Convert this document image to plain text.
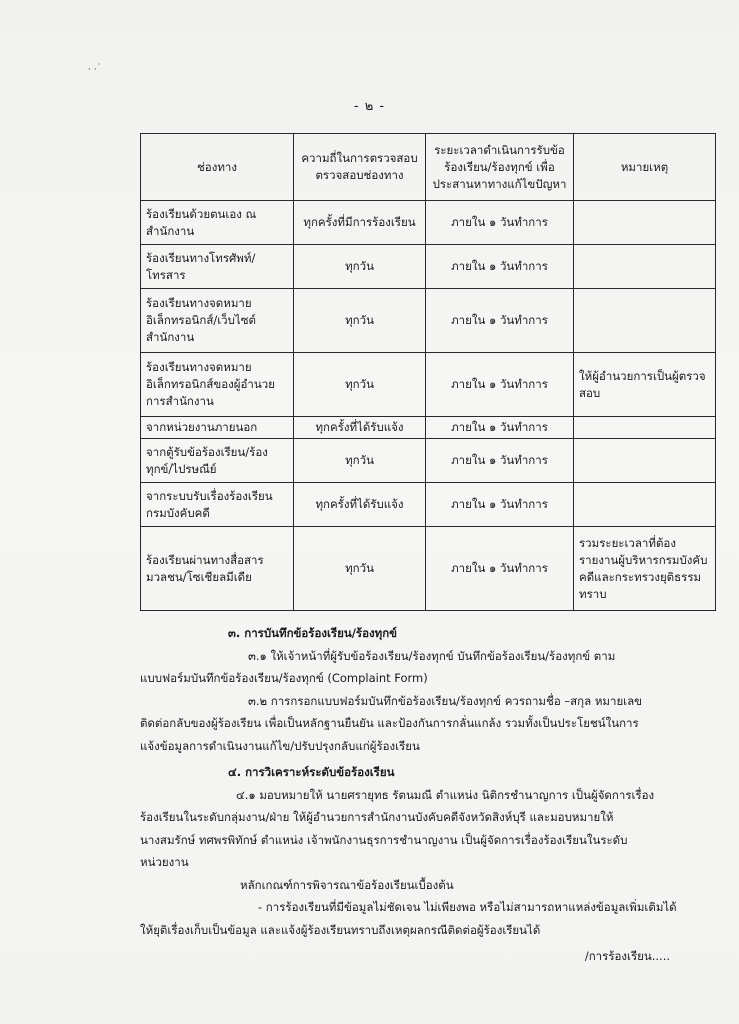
⸳ ⸳˙
- ๒ -
ช่องทาง	ความถี่ในการตรวจสอบตรวจสอบช่องทาง	ระยะเวลาดำเนินการรับข้อร้องเรียน/ร้องทุกข์ เพื่อประสานหาทางแก้ไขปัญหา	หมายเหตุ
ร้องเรียนด้วยตนเอง ณ สำนักงาน	ทุกครั้งที่มีการร้องเรียน	ภายใน ๑ วันทำการ	
ร้องเรียนทางโทรศัพท์/โทรสาร	ทุกวัน	ภายใน ๑ วันทำการ	
ร้องเรียนทางจดหมายอิเล็กทรอนิกส์/เว็บไซต์สำนักงาน	ทุกวัน	ภายใน ๑ วันทำการ	
ร้องเรียนทางจดหมายอิเล็กทรอนิกส์ของผู้อำนวยการสำนักงาน	ทุกวัน	ภายใน ๑ วันทำการ	ให้ผู้อำนวยการเป็นผู้ตรวจสอบ
จากหน่วยงานภายนอก	ทุกครั้งที่ได้รับแจ้ง	ภายใน ๑ วันทำการ	
จากตู้รับข้อร้องเรียน/ร้องทุกข์/ไปรษณีย์	ทุกวัน	ภายใน ๑ วันทำการ	
จากระบบรับเรื่องร้องเรียนกรมบังคับคดี	ทุกครั้งที่ได้รับแจ้ง	ภายใน ๑ วันทำการ	
ร้องเรียนผ่านทางสื่อสารมวลชน/โซเชียลมีเดีย	ทุกวัน	ภายใน ๑ วันทำการ	รวมระยะเวลาที่ต้องรายงานผู้บริหารกรมบังคับคดีและกระทรวงยุติธรรมทราบ

๓. การบันทึกข้อร้องเรียน/ร้องทุกข์

๓.๑ ให้เจ้าหน้าที่ผู้รับข้อร้องเรียน/ร้องทุกข์ บันทึกข้อร้องเรียน/ร้องทุกข์ ตาม

แบบฟอร์มบันทึกข้อร้องเรียน/ร้องทุกข์ (Complaint Form)

๓.๒ การกรอกแบบฟอร์มบันทึกข้อร้องเรียน/ร้องทุกข์ ควรถามชื่อ –สกุล หมายเลข

ติดต่อกลับของผู้ร้องเรียน เพื่อเป็นหลักฐานยืนยัน และป้องกันการกลั่นแกล้ง รวมทั้งเป็นประโยชน์ในการ

แจ้งข้อมูลการดำเนินงานแก้ไข/ปรับปรุงกลับแก่ผู้ร้องเรียน

๔. การวิเคราะห์ระดับข้อร้องเรียน

๔.๑ มอบหมายให้ นายศรายุทธ รัตนมณี ตำแหน่ง นิติกรชำนาญการ เป็นผู้จัดการเรื่อง

ร้องเรียนในระดับกลุ่มงาน/ฝ่าย ให้ผู้อำนวยการสำนักงานบังคับคดีจังหวัดสิงห์บุรี และมอบหมายให้

นางสมรักษ์ ทศพรพิทักษ์ ตำแหน่ง เจ้าพนักงานธุรการชำนาญงาน เป็นผู้จัดการเรื่องร้องเรียนในระดับ

หน่วยงาน

หลักเกณฑ์การพิจารณาข้อร้องเรียนเบื้องต้น

- การร้องเรียนที่มีข้อมูลไม่ชัดเจน ไม่เพียงพอ หรือไม่สามารถหาแหล่งข้อมูลเพิ่มเติมได้

ให้ยุติเรื่องเก็บเป็นข้อมูล และแจ้งผู้ร้องเรียนทราบถึงเหตุผลกรณีติดต่อผู้ร้องเรียนได้

/การร้องเรียน.....
